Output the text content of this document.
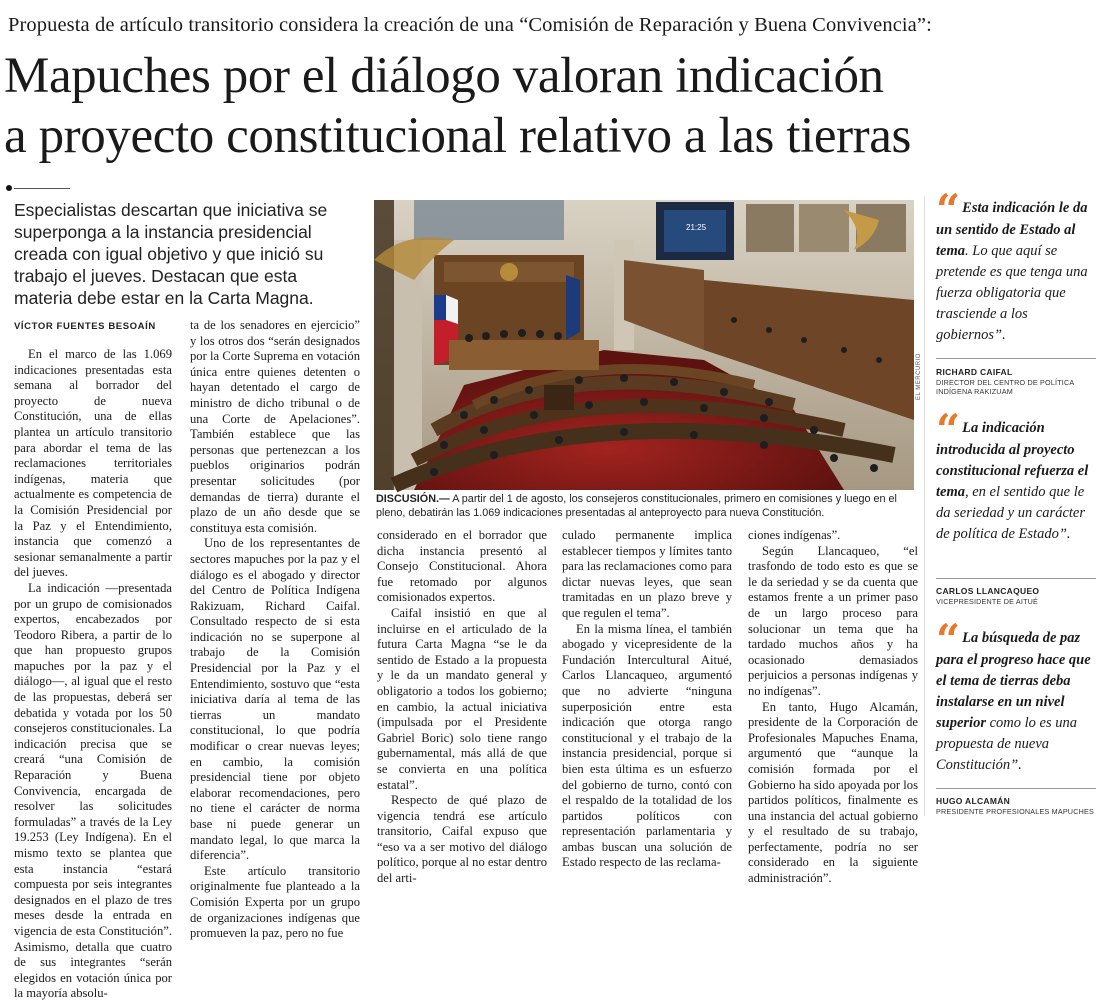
Propuesta de artículo transitorio considera la creación de una “Comisión de Reparación y Buena Convivencia”:
Mapuches por el diálogo valoran indicación
a proyecto constitucional relativo a las tierras
Especialistas descartan que iniciativa se superponga a la instancia presidencial creada con igual objetivo y que inició su trabajo el jueves. Destacan que esta materia debe estar en la Carta Magna.
VÍCTOR FUENTES BESOAÍN

En el marco de las 1.069 indicaciones presentadas esta semana al borrador del proyecto de nueva Constitución, una de ellas plantea un artículo transitorio para abordar el tema de las reclamaciones territoriales indígenas, materia que actualmente es competencia de la Comisión Presidencial por la Paz y el Entendimiento, instancia que comenzó a sesionar semanalmente a partir del jueves.

La indicación —presentada por un grupo de comisionados expertos, encabezados por Teodoro Ribera, a partir de lo que han propuesto grupos mapuches por la paz y el diálogo—, al igual que el resto de las propuestas, deberá ser debatida y votada por los 50 consejeros constitucionales. La indicación precisa que se creará “una Comisión de Reparación y Buena Convivencia, encargada de resolver las solicitudes formuladas” a través de la Ley 19.253 (Ley Indígena). En el mismo texto se plantea que esta instancia “estará compuesta por seis integrantes designados en el plazo de tres meses desde la entrada en vigencia de esta Constitución”. Asimismo, detalla que cuatro de sus integrantes “serán elegidos en votación única por la mayoría absolu-

ta de los senadores en ejercicio” y los otros dos “serán designados por la Corte Suprema en votación única entre quienes detenten o hayan detentado el cargo de ministro de dicho tribunal o de una Corte de Apelaciones”. También establece que las personas que pertenezcan a los pueblos originarios podrán presentar solicitudes (por demandas de tierra) durante el plazo de un año desde que se constituya esta comisión.

Uno de los representantes de sectores mapuches por la paz y el diálogo es el abogado y director del Centro de Política Indígena Rakizuam, Richard Caifal. Consultado respecto de si esta indicación no se superpone al trabajo de la Comisión Presidencial por la Paz y el Entendimiento, sostuvo que “esta iniciativa daría al tema de las tierras un mandato constitucional, lo que podría modificar o crear nuevas leyes; en cambio, la comisión presidencial tiene por objeto elaborar recomendaciones, pero no tiene el carácter de norma base ni puede generar un mandato legal, lo que marca la diferencia”.

Este artículo transitorio originalmente fue planteado a la Comisión Experta por un grupo de organizaciones indígenas que promueven la paz, pero no fue

21:25
EL MERCURIO
DISCUSIÓN.— A partir del 1 de agosto, los consejeros constitucionales, primero en comisiones y luego en el pleno, debatirán las 1.069 indicaciones presentadas al anteproyecto para nueva Constitución.

considerado en el borrador que dicha instancia presentó al Consejo Constitucional. Ahora fue retomado por algunos comisionados expertos.

Caifal insistió en que al incluirse en el articulado de la futura Carta Magna “se le da sentido de Estado a la propuesta y le da un mandato general y obligatorio a todos los gobierno; en cambio, la actual iniciativa (impulsada por el Presidente Gabriel Boric) solo tiene rango gubernamental, más allá de que se convierta en una política estatal”.

Respecto de qué plazo de vigencia tendrá ese artículo transitorio, Caifal expuso que “eso va a ser motivo del diálogo político, porque al no estar dentro del arti-

culado permanente implica establecer tiempos y límites tanto para las reclamaciones como para dictar nuevas leyes, que sean tramitadas en un plazo breve y que regulen el tema”.

En la misma línea, el también abogado y vicepresidente de la Fundación Intercultural Aitué, Carlos Llancaqueo, argumentó que no advierte “ninguna superposición entre esta indicación que otorga rango constitucional y el trabajo de la instancia presidencial, porque si bien esta última es un esfuerzo del gobierno de turno, contó con el respaldo de la totalidad de los partidos políticos con representación parlamentaria y ambas buscan una solución de Estado respecto de las reclama-

ciones indígenas”.

Según Llancaqueo, “el trasfondo de todo esto es que se le da seriedad y se da cuenta que estamos frente a un primer paso de un largo proceso para solucionar un tema que ha tardado muchos años y ha ocasionado demasiados perjuicios a personas indígenas y no indígenas”.

En tanto, Hugo Alcamán, presidente de la Corporación de Profesionales Mapuches Enama, argumentó que “aunque la comisión formada por el Gobierno ha sido apoyada por los partidos políticos, finalmente es una instancia del actual gobierno y el resultado de su trabajo, perfectamente, podría no ser considerado en la siguiente administración”.

“ Esta indicación le da un sentido de Estado al tema. Lo que aquí se pretende es que tenga una fuerza obligatoria que trasciende a los gobiernos”.
RICHARD CAIFAL
DIRECTOR DEL CENTRO DE POLÍTICA INDÍGENA RAKIZUAM
“ La indicación introducida al proyecto constitucional refuerza el tema, en el sentido que le da seriedad y un carácter de política de Estado”.
CARLOS LLANCAQUEO
VICEPRESIDENTE DE AITUÉ
“ La búsqueda de paz para el progreso hace que el tema de tierras deba instalarse en un nivel superior como lo es una propuesta de nueva Constitución”.
HUGO ALCAMÁN
PRESIDENTE PROFESIONALES MAPUCHES
